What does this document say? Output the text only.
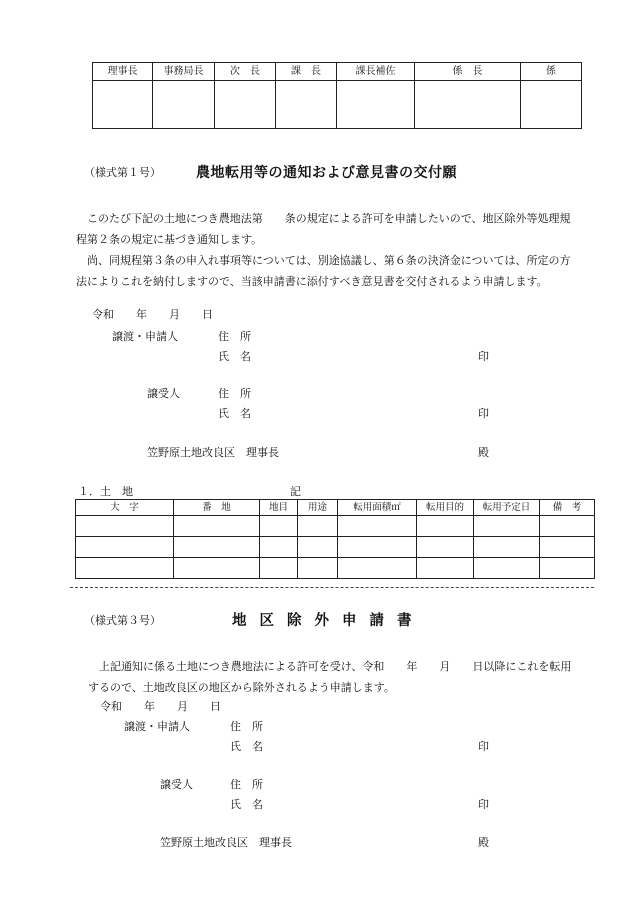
理事長	事務局長	次　長	課　長	課長補佐	係　長	係

（様式第１号）	農地転用等の通知および意見書の交付願
　このたび下記の土地につき農地法第　　条の規定による許可を申請したいので、地区除外等処理規程第２条の規定に基づき通知します。
　尚、同規程第３条の申入れ事項等については、別途協議し、第６条の決済金については、所定の方法によりこれを納付しますので、当該申請書に添付すべき意見書を交付されるよう申請します。
令和　　年　　月　　日
譲渡・申請人	住　所
氏　名	印
譲受人	住　所
氏　名	印
笠野原土地改良区　理事長	殿
１．土　地	記
大　字	番　地	地目	用途	転用面積㎡	転用目的	転用予定日	備　考

（様式第３号）	地区除外申請書
　上記通知に係る土地につき農地法による許可を受け、令和　　年　　月　　日以降にこれを転用するので、土地改良区の地区から除外されるよう申請します。
令和　　年　　月　　日
譲渡・申請人	住　所
氏　名	印
譲受人	住　所
氏　名	印
笠野原土地改良区　理事長	殿
